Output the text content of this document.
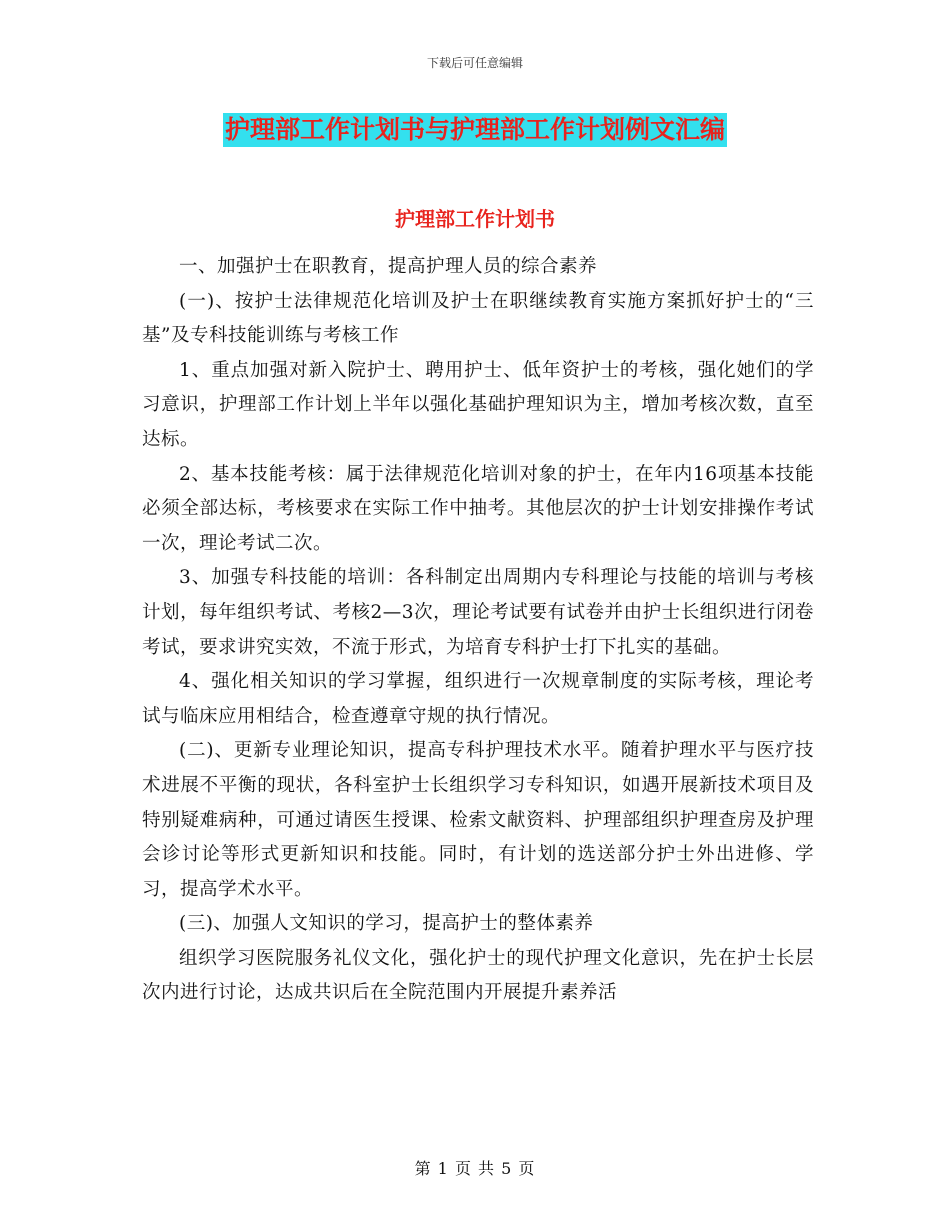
下载后可任意编辑
护理部工作计划书与护理部工作计划例文汇编
护理部工作计划书

一、加强护士在职教育，提高护理人员的综合素养

(一)、按护士法律规范化培训及护士在职继续教育实施方案抓好护士的“三基”及专科技能训练与考核工作

1、重点加强对新入院护士、聘用护士、低年资护士的考核，强化她们的学习意识，护理部工作计划上半年以强化基础护理知识为主，增加考核次数，直至达标。

2、基本技能考核：属于法律规范化培训对象的护士，在年内16项基本技能必须全部达标，考核要求在实际工作中抽考。其他层次的护士计划安排操作考试一次，理论考试二次。

3、加强专科技能的培训：各科制定出周期内专科理论与技能的培训与考核计划，每年组织考试、考核2—3次，理论考试要有试卷并由护士长组织进行闭卷考试，要求讲究实效，不流于形式，为培育专科护士打下扎实的基础。

4、强化相关知识的学习掌握，组织进行一次规章制度的实际考核，理论考试与临床应用相结合，检查遵章守规的执行情况。

(二)、更新专业理论知识，提高专科护理技术水平。随着护理水平与医疗技术进展不平衡的现状，各科室护士长组织学习专科知识，如遇开展新技术项目及特别疑难病种，可通过请医生授课、检索文献资料、护理部组织护理查房及护理会诊讨论等形式更新知识和技能。同时，有计划的选送部分护士外出进修、学习，提高学术水平。

(三)、加强人文知识的学习，提高护士的整体素养

组织学习医院服务礼仪文化，强化护士的现代护理文化意识，先在护士长层次内进行讨论，达成共识后在全院范围内开展提升素养活

第 1 页 共 5 页
